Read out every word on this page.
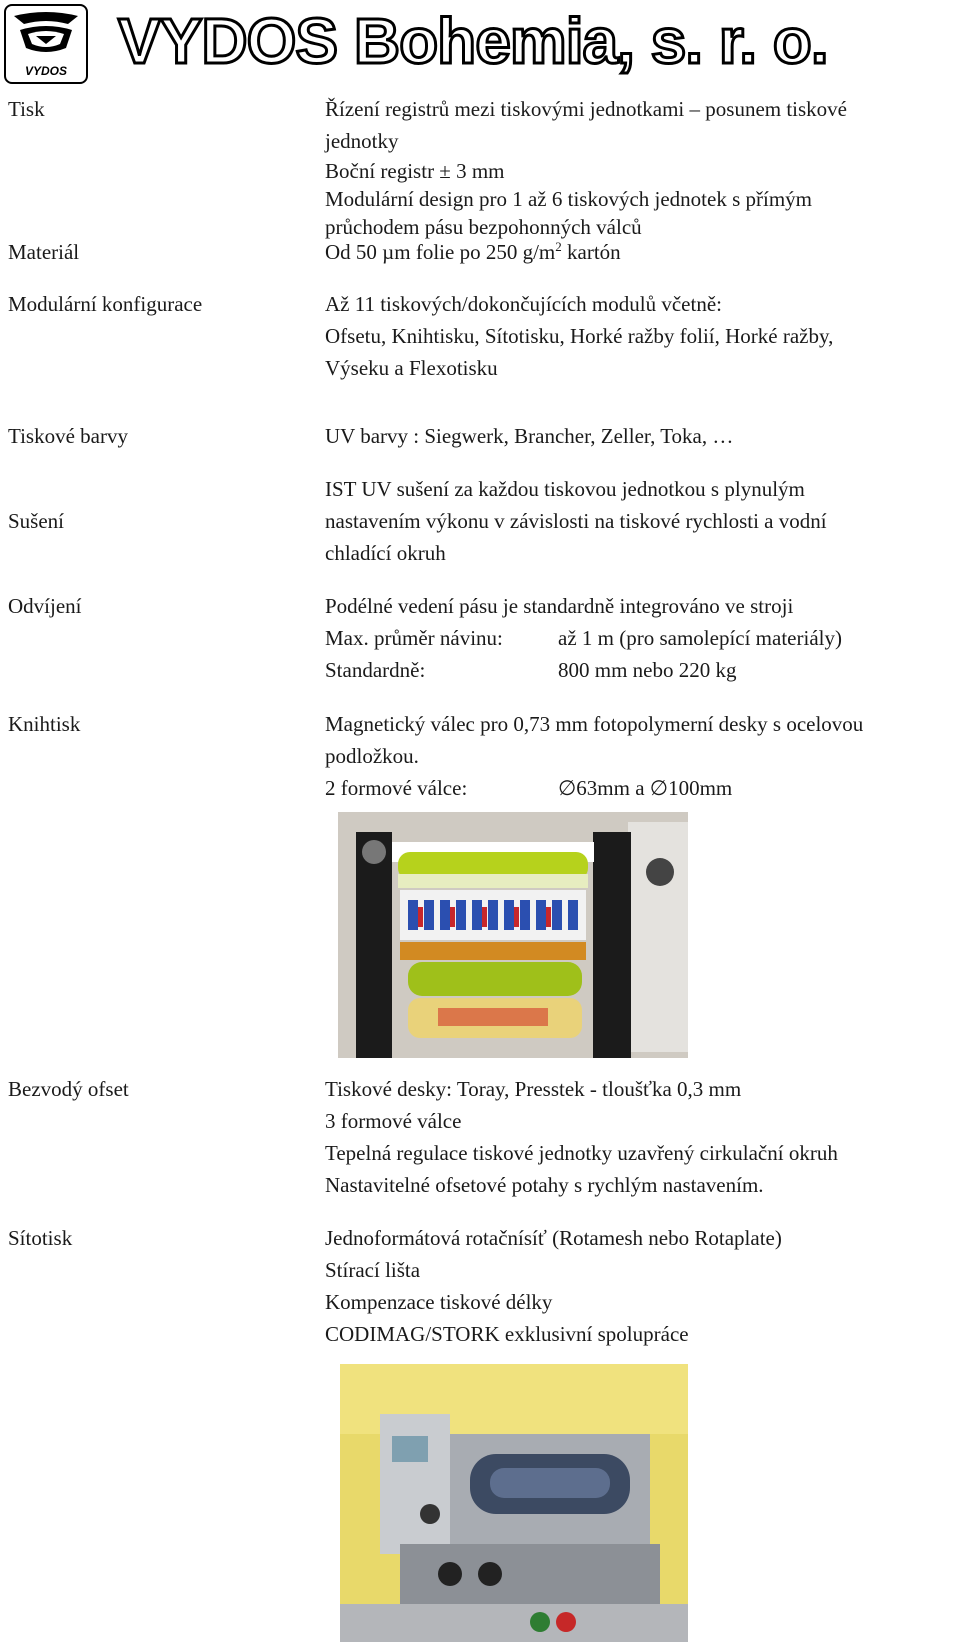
VYDOS VYDOS Bohemia, s. r. o.
Tisk	Řízení registrů mezi tiskovými jednotkami – posunem tiskové
jednotky
Boční registr ± 3 mm
Modulární design pro 1 až 6 tiskových jednotek s přímým
průchodem pásu bezpohonných válců
Materiál	Od 50 µm folie po 250 $g/m^2$ kartón
Modulární konfigurace	Až 11 tiskových/dokončujících modulů včetně:
Ofsetu, Knihtisku, Sítotisku, Horké ražby folií, Horké ražby,
Výseku a Flexotisku
Tiskové barvy	UV barvy : Siegwerk, Brancher, Zeller, Toka, …
IST UV sušení za každou tiskovou jednotkou s plynulým
Sušení	nastavením výkonu v závislosti na tiskové rychlosti a vodní
chladící okruh
Odvíjení	Podélné vedení pásu je standardně integrováno ve stroji
Max. průměr návinu:	až 1 m (pro samolepící materiály)
Standardně:	800 mm nebo 220 kg
Knihtisk	Magnetický válec pro 0,73 mm fotopolymerní desky s ocelovou
podložkou.
2 formové válce:	∅63mm a ∅100mm
Bezvodý ofset	Tiskové desky: Toray, Presstek - tloušťka 0,3 mm
3 formové válce
Tepelná regulace tiskové jednotky uzavřený cirkulační okruh
Nastavitelné ofsetové potahy s rychlým nastavením.
Sítotisk	Jednoformátová rotačnísíť (Rotamesh nebo Rotaplate)
Stírací lišta
Kompenzace tiskové délky
CODIMAG/STORK exklusivní spolupráce
